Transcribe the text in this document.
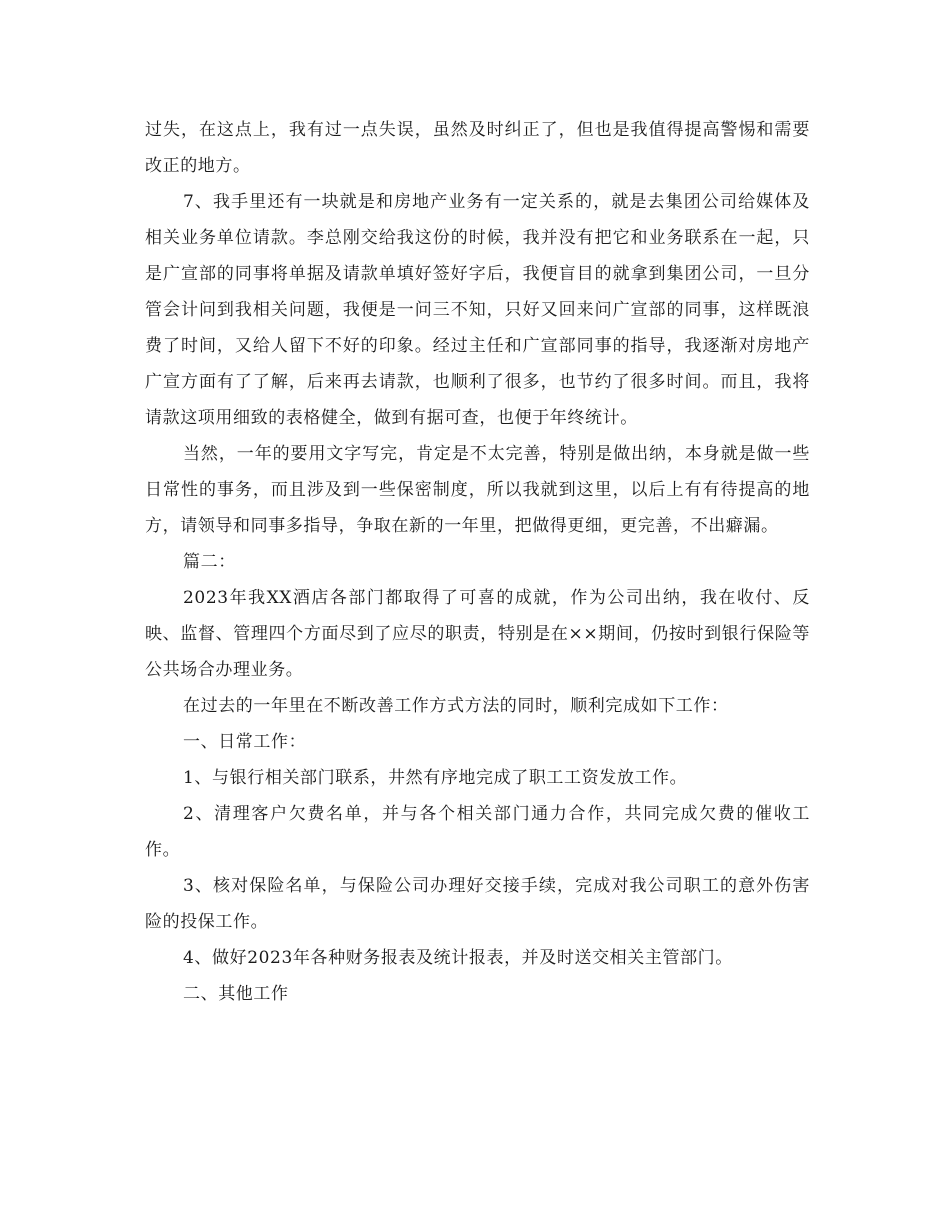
过失，在这点上，我有过一点失误，虽然及时纠正了，但也是我值得提高警惕和需要改正的地方。

7、我手里还有一块就是和房地产业务有一定关系的，就是去集团公司给媒体及相关业务单位请款。李总刚交给我这份的时候，我并没有把它和业务联系在一起，只是广宣部的同事将单据及请款单填好签好字后，我便盲目的就拿到集团公司，一旦分管会计问到我相关问题，我便是一问三不知，只好又回来问广宣部的同事，这样既浪费了时间，又给人留下不好的印象。经过主任和广宣部同事的指导，我逐渐对房地产广宣方面有了了解，后来再去请款，也顺利了很多，也节约了很多时间。而且，我将请款这项用细致的表格健全，做到有据可查，也便于年终统计。

当然，一年的要用文字写完，肯定是不太完善，特别是做出纳，本身就是做一些日常性的事务，而且涉及到一些保密制度，所以我就到这里，以后上有有待提高的地方，请领导和同事多指导，争取在新的一年里，把做得更细，更完善，不出癖漏。

篇二：

2023年我XX酒店各部门都取得了可喜的成就，作为公司出纳，我在收付、反映、监督、管理四个方面尽到了应尽的职责，特别是在××期间，仍按时到银行保险等公共场合办理业务。

在过去的一年里在不断改善工作方式方法的同时，顺利完成如下工作：

一、日常工作：

1、与银行相关部门联系，井然有序地完成了职工工资发放工作。

2、清理客户欠费名单，并与各个相关部门通力合作，共同完成欠费的催收工作。

3、核对保险名单，与保险公司办理好交接手续，完成对我公司职工的意外伤害险的投保工作。

4、做好2023年各种财务报表及统计报表，并及时送交相关主管部门。

二、其他工作
